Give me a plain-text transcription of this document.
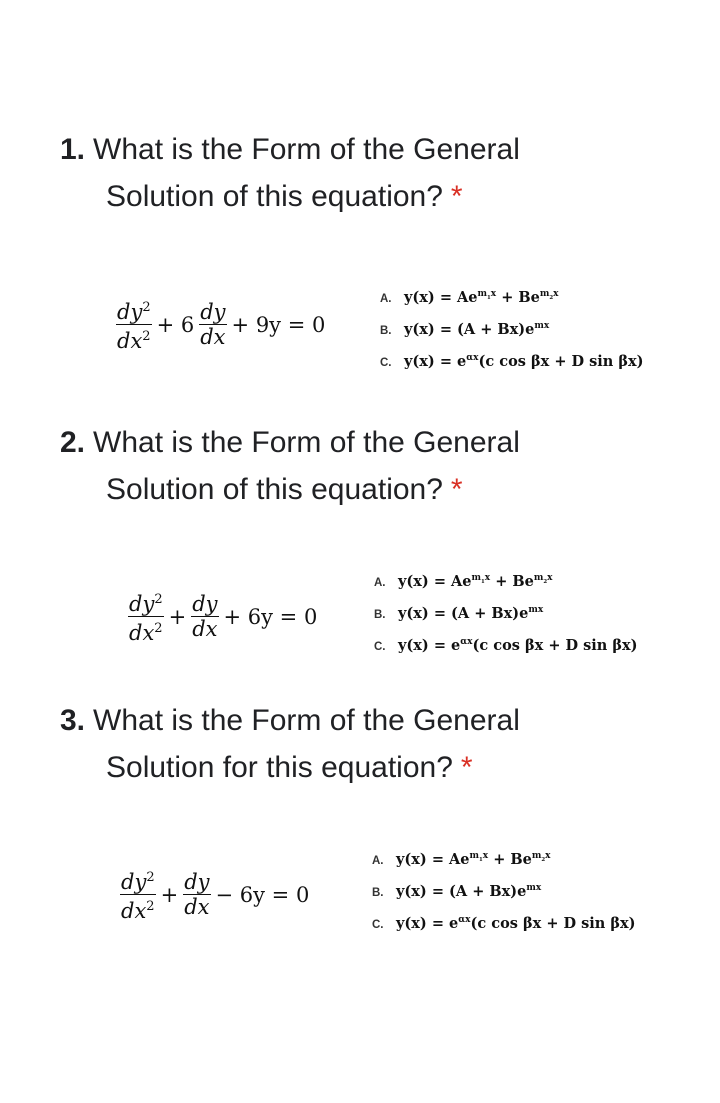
1. What is the Form of the General
Solution of this equation? *
$\frac{dy^2}{dx^2} + 6 \frac{dy}{dx} + 9y = 0$
A. $y(x) = Ae^{m_1x} + Be^{m_2x}$
B. $y(x) = (A + Bx)e^{mx}$
C. $y(x) = e^{\alpha x}(c$ cos βx + D sin βx)
2. What is the Form of the General
Solution of this equation? *
$\frac{dy^2}{dx^2} + \frac{dy}{dx} + 6y = 0$
A. $y(x) = Ae^{m_1x} + Be^{m_2x}$
B. $y(x) = (A + Bx)e^{mx}$
C. $y(x) = e^{\alpha x}(c$ cos βx + D sin βx)
3. What is the Form of the General
Solution for this equation? *
$\frac{dy^2}{dx^2} + \frac{dy}{dx} - 6y = 0$
A. $y(x) = Ae^{m_1x} + Be^{m_2x}$
B. $y(x) = (A + Bx)e^{mx}$
C. $y(x) = e^{\alpha x}(c$ cos βx + D sin βx)
